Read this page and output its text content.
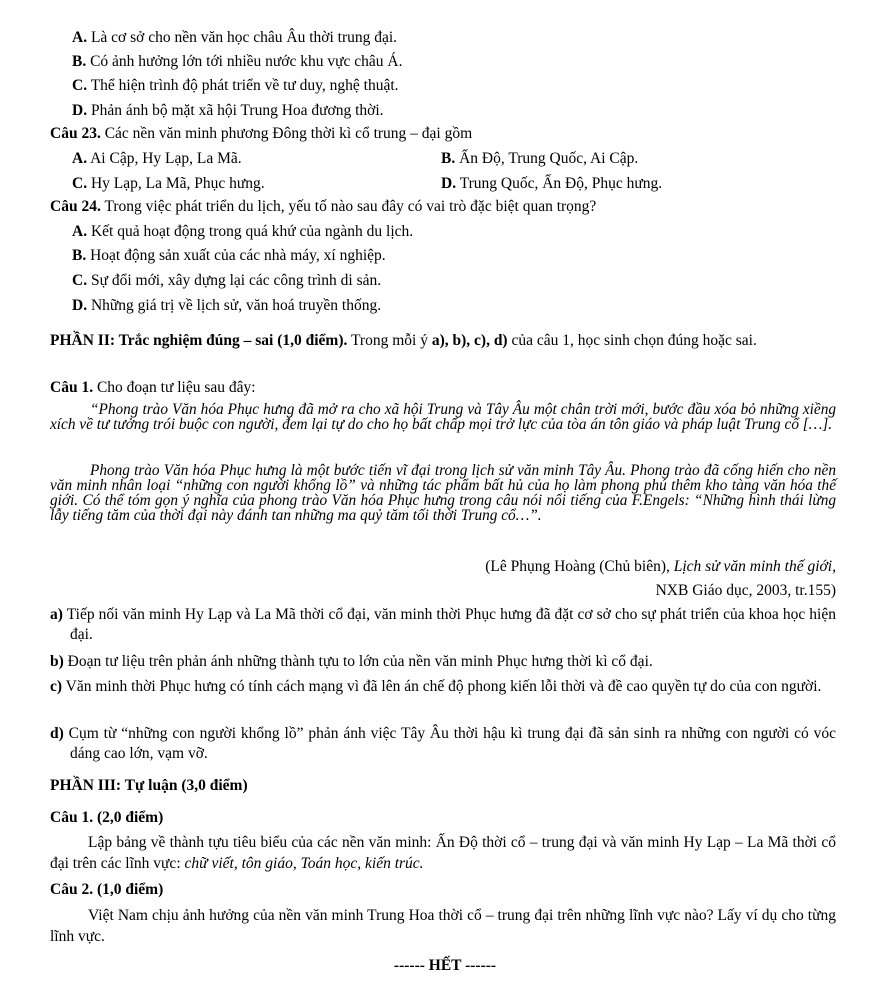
A. Là cơ sở cho nền văn học châu Âu thời trung đại.
B. Có ảnh hưởng lớn tới nhiều nước khu vực châu Á.
C. Thể hiện trình độ phát triển về tư duy, nghệ thuật.
D. Phản ánh bộ mặt xã hội Trung Hoa đương thời.
Câu 23. Các nền văn minh phương Đông thời kì cổ trung – đại gồm
A. Ai Cập, Hy Lạp, La Mã.	B. Ấn Độ, Trung Quốc, Ai Cập.
C. Hy Lạp, La Mã, Phục hưng.	D. Trung Quốc, Ấn Độ, Phục hưng.
Câu 24. Trong việc phát triển du lịch, yếu tố nào sau đây có vai trò đặc biệt quan trọng?
A. Kết quả hoạt động trong quá khứ của ngành du lịch.
B. Hoạt động sản xuất của các nhà máy, xí nghiệp.
C. Sự đổi mới, xây dựng lại các công trình di sản.
D. Những giá trị về lịch sử, văn hoá truyền thống.
PHẦN II: Trắc nghiệm đúng – sai (1,0 điểm). Trong mỗi ý a), b), c), d) của câu 1, học sinh chọn đúng hoặc sai.
Câu 1. Cho đoạn tư liệu sau đây:
“Phong trào Văn hóa Phục hưng đã mở ra cho xã hội Trung và Tây Âu một chân trời mới, bước đầu xóa bỏ những xiềng xích về tư tưởng trói buộc con người, đem lại tự do cho họ bất chấp mọi trở lực của tòa án tôn giáo và pháp luật Trung cổ […].
Phong trào Văn hóa Phục hưng là một bước tiến vĩ đại trong lịch sử văn minh Tây Âu. Phong trào đã cống hiến cho nền văn minh nhân loại “những con người khổng lồ” và những tác phẩm bất hủ của họ làm phong phú thêm kho tàng văn hóa thế giới. Có thể tóm gọn ý nghĩa của phong trào Văn hóa Phục hưng trong câu nói nổi tiếng của F.Engels: “Những hình thái lừng lẫy tiếng tăm của thời đại này đánh tan những ma quỷ tăm tối thời Trung cổ…”.
(Lê Phụng Hoàng (Chủ biên), Lịch sử văn minh thế giới,
NXB Giáo dục, 2003, tr.155)
a) Tiếp nối văn minh Hy Lạp và La Mã thời cổ đại, văn minh thời Phục hưng đã đặt cơ sở cho sự phát triển của khoa học hiện đại.
b) Đoạn tư liệu trên phản ánh những thành tựu to lớn của nền văn minh Phục hưng thời kì cổ đại.
c) Văn minh thời Phục hưng có tính cách mạng vì đã lên án chế độ phong kiến lỗi thời và đề cao quyền tự do của con người.
d) Cụm từ “những con người khổng lồ” phản ánh việc Tây Âu thời hậu kì trung đại đã sản sinh ra những con người có vóc dáng cao lớn, vạm vỡ.
PHẦN III: Tự luận (3,0 điểm)
Câu 1. (2,0 điểm)
Lập bảng về thành tựu tiêu biểu của các nền văn minh: Ấn Độ thời cổ – trung đại và văn minh Hy Lạp – La Mã thời cổ đại trên các lĩnh vực: chữ viết, tôn giáo, Toán học, kiến trúc.
Câu 2. (1,0 điểm)
Việt Nam chịu ảnh hưởng của nền văn minh Trung Hoa thời cổ – trung đại trên những lĩnh vực nào? Lấy ví dụ cho từng lĩnh vực.
------ HẾT ------
